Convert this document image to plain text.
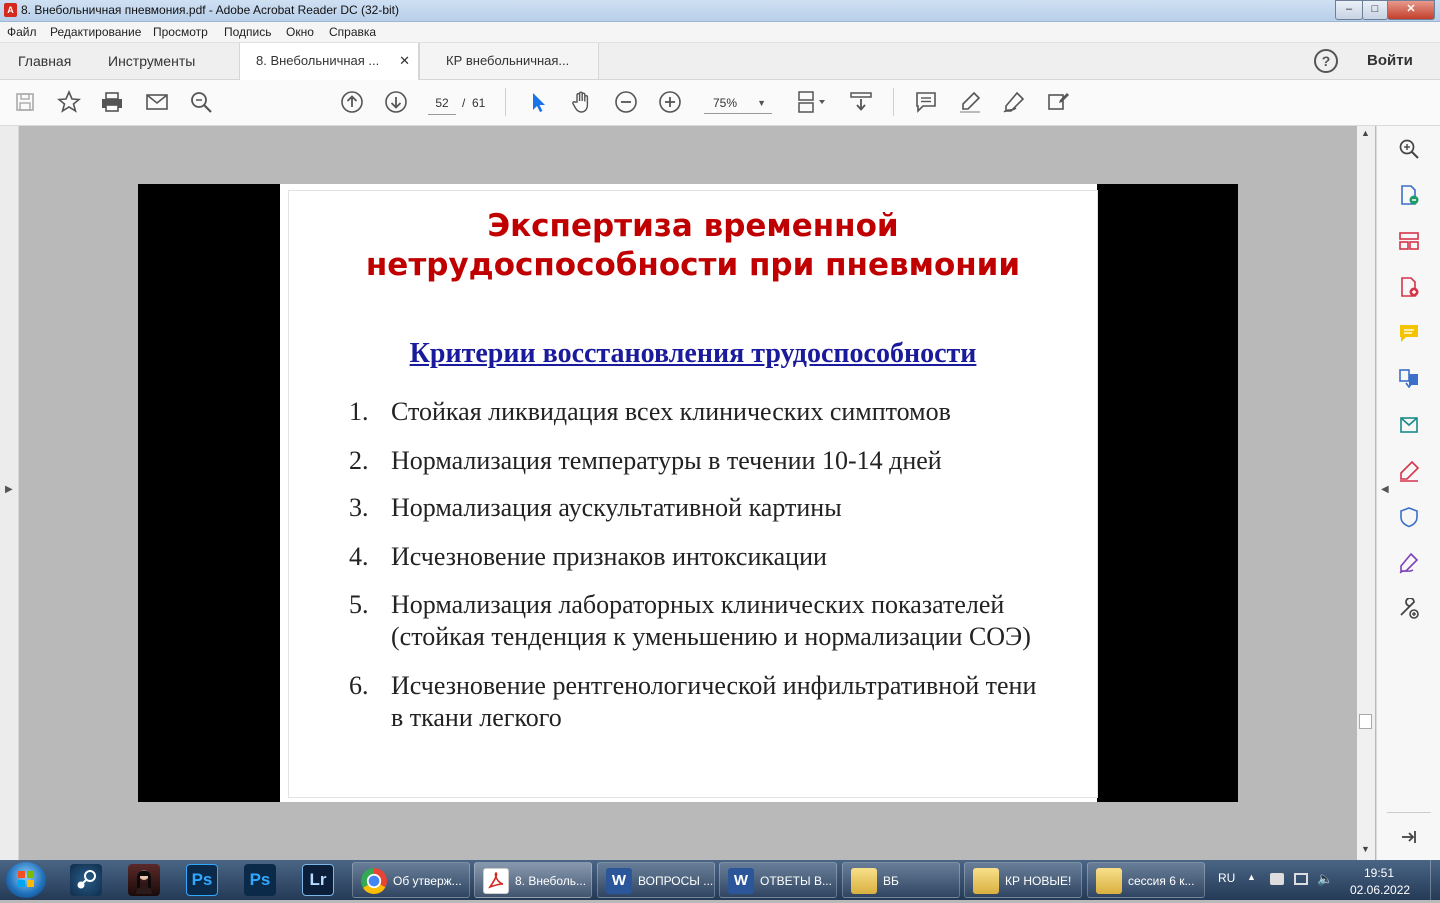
A 8. Внебольничная пневмония.pdf - Adobe Acrobat Reader DC (32-bit)	–	□	✕
Файл Редактирование Просмотр Подпись Окно Справка
Главная	Инструменты	8. Внебольничная ... ✕	КР внебольничная...	?	Войти
52	/ 61	75% ▼
▶
Экспертиза временной
нетрудоспособности при пневмонии
Критерии восстановления трудоспособности
1. Стойкая ликвидация всех клинических симптомов
2. Нормализация температуры в течении 10-14 дней
3. Нормализация аускультативной картины
4. Исчезновение признаков интоксикации
5. Нормализация лабораторных клинических показателей
(стойкая тенденция к уменьшению и нормализации СОЭ)
6. Исчезновение рентгенологической инфильтративной тени
в ткани легкого
▲
▼
◀
Ps	Ps	Lr	Об утверж...	8. Внеболь...	W ВОПРОСЫ ...	W ОТВЕТЫ В...	ВБ	КР НОВЫЕ!	сессия 6 к... RU ▲	🔈	19:51
02.06.2022
